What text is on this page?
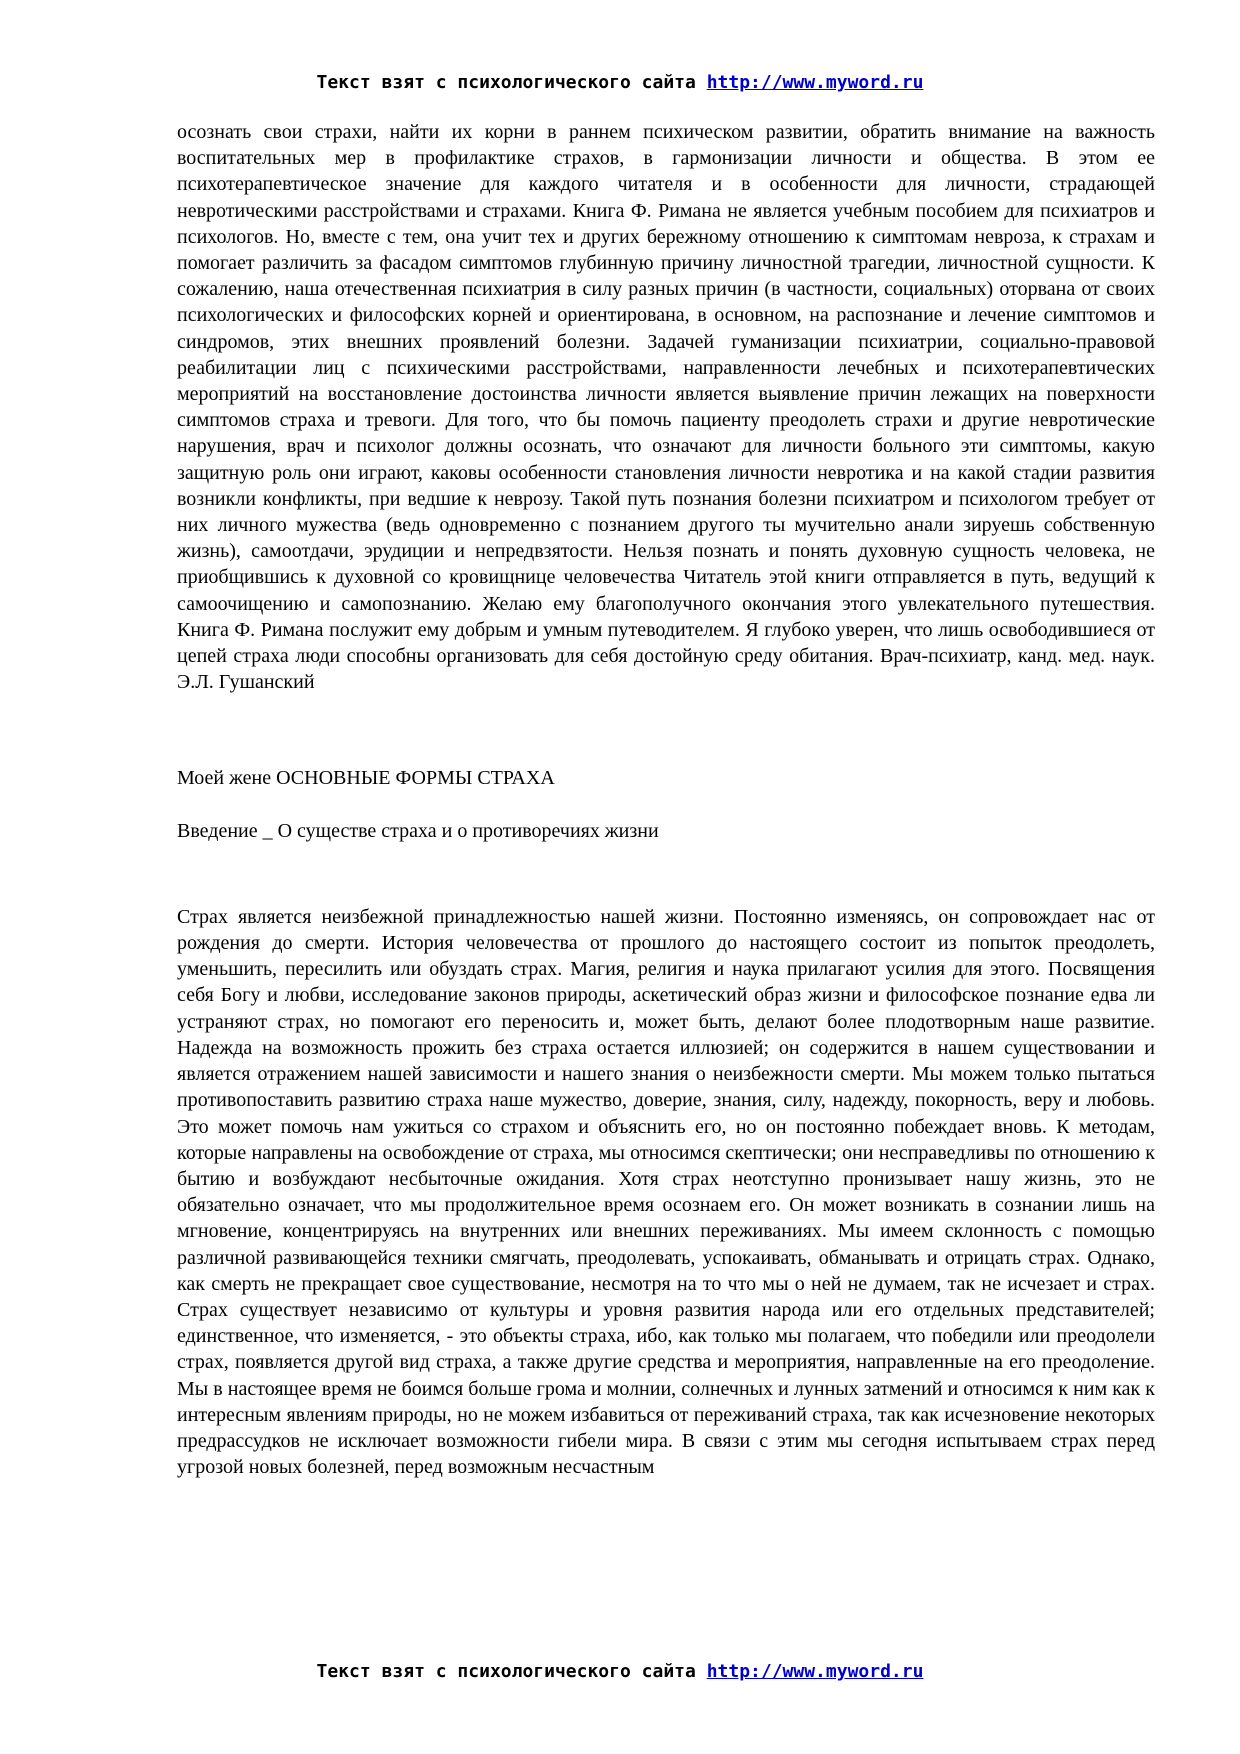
Текст взят с психологического сайта http://www.myword.ru

осознать свои страхи, найти их корни в раннем психическом развитии, обратить внимание на важность воспитательных мер в профилактике страхов, в гармонизации личности и общества. В этом ее психотерапевтическое значение для каждого читателя и в особенности для личности, страдающей невротическими расстройствами и страхами. Книга Ф. Римана не является учебным пособием для психиатров и психологов. Но, вместе с тем, она учит тех и других бережному отношению к симптомам невроза, к страхам и помогает различить за фасадом симптомов глубинную причину личностной трагедии, личностной сущности. К сожалению, наша отечественная психиатрия в силу разных причин (в частности, социальных) оторвана от своих психологических и философских корней и ориентирована, в основном, на распознание и лечение симптомов и синдромов, этих внешних проявлений болезни. Задачей гуманизации психиатрии, социально-правовой реабилитации лиц с психическими расстройствами, направленности лечебных и психотерапевтических мероприятий на восстановление достоинства личности является выявление причин лежащих на поверхности симптомов страха и тревоги. Для того, что бы помочь пациенту преодолеть страхи и другие невротические нарушения, врач и психолог должны осознать, что означают для личности больного эти симптомы, какую защитную роль они играют, каковы особенности становления личности невротика и на какой стадии развития возникли конфликты, при ведшие к неврозу. Такой путь познания болезни психиатром и психологом требует от них личного мужества (ведь одновременно с познанием другого ты мучительно анали зируешь собственную жизнь), самоотдачи, эрудиции и непредвзятости. Нельзя познать и понять духовную сущность человека, не приобщившись к духовной со кровищнице человечества Читатель этой книги отправляется в путь, ведущий к самоочищению и самопознанию. Желаю ему благополучного окончания этого увлекательного путешествия. Книга Ф. Римана послужит ему добрым и умным путеводителем. Я глубоко уверен, что лишь освободившиеся от цепей страха люди способны организовать для себя достойную среду обитания. Врач-психиатр, канд. мед. наук. Э.Л. Гушанский

Моей жене ОСНОВНЫЕ ФОРМЫ СТРАХА

Введение _ О существе страха и о противоречиях жизни

Страх является неизбежной принадлежностью нашей жизни. Постоянно изменяясь, он сопровождает нас от рождения до смерти. История человечества от прошлого до настоящего состоит из попыток преодолеть, уменьшить, пересилить или обуздать страх. Магия, религия и наука прилагают усилия для этого. Посвящения себя Богу и любви, исследование законов природы, аскетический образ жизни и философское познание едва ли устраняют страх, но помогают его переносить и, может быть, делают более плодотворным наше развитие. Надежда на возможность прожить без страха остается иллюзией; он содержится в нашем существовании и является отражением нашей зависимости и нашего знания о неизбежности смерти. Мы можем только пытаться противопоставить развитию страха наше мужество, доверие, знания, силу, надежду, покорность, веру и любовь. Это может помочь нам ужиться со страхом и объяснить его, но он постоянно побеждает вновь. К методам, которые направлены на освобождение от страха, мы относимся скептически; они несправедливы по отношению к бытию и возбуждают несбыточные ожидания. Хотя страх неотступно пронизывает нашу жизнь, это не обязательно означает, что мы продолжительное время осознаем его. Он может возникать в сознании лишь на мгновение, концентрируясь на внутренних или внешних переживаниях. Мы имеем склонность с помощью различной развивающейся техники смягчать, преодолевать, успокаивать, обманывать и отрицать страх. Однако, как смерть не прекращает свое существование, несмотря на то что мы о ней не думаем, так не исчезает и страх. Страх существует независимо от культуры и уровня развития народа или его отдельных представителей; единственное, что изменяется, - это объекты страха, ибо, как только мы полагаем, что победили или преодолели страх, появляется другой вид страха, а также другие средства и мероприятия, направленные на его преодоление. Мы в настоящее время не боимся больше грома и молнии, солнечных и лунных затмений и относимся к ним как к интересным явлениям природы, но не можем избавиться от переживаний страха, так как исчезновение некоторых предрассудков не исключает возможности гибели мира. В связи с этим мы сегодня испытываем страх перед угрозой новых болезней, перед возможным несчастным

Текст взят с психологического сайта http://www.myword.ru
